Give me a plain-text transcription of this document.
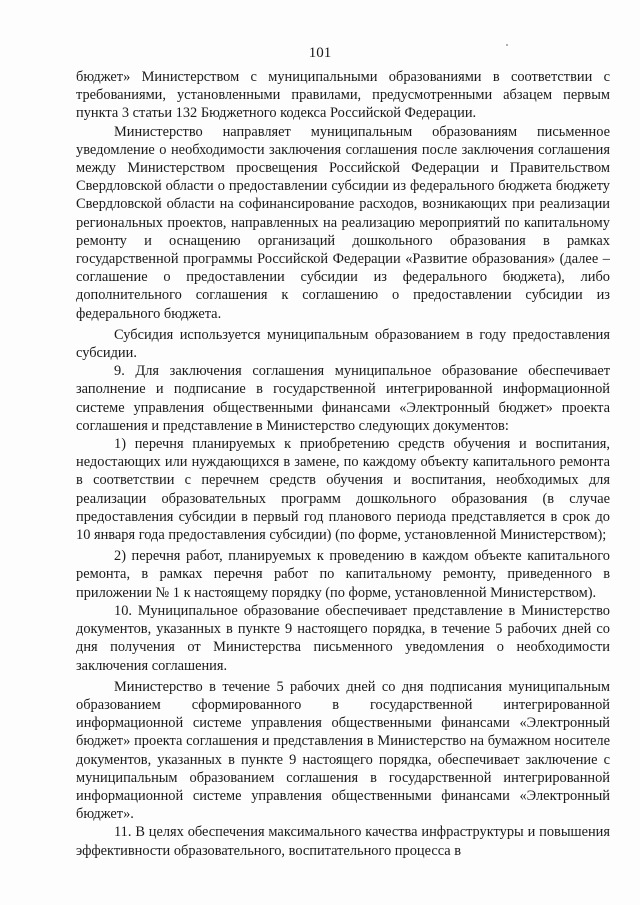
101

бюджет» Министерством с муниципальными образованиями в соответствии с требованиями, установленными правилами, предусмотренными абзацем первым пункта 3 статьи 132 Бюджетного кодекса Российской Федерации.

Министерство направляет муниципальным образованиям письменное уведомление о необходимости заключения соглашения после заключения соглашения между Министерством просвещения Российской Федерации и Правительством Свердловской области о предоставлении субсидии из федерального бюджета бюджету Свердловской области на софинансирование расходов, возникающих при реализации региональных проектов, направленных на реализацию мероприятий по капитальному ремонту и оснащению организаций дошкольного образования в рамках государственной программы Российской Федерации «Развитие образования» (далее – соглашение о предоставлении субсидии из федерального бюджета), либо дополнительного соглашения к соглашению о предоставлении субсидии из федерального бюджета.

Субсидия используется муниципальным образованием в году предоставления субсидии.

9. Для заключения соглашения муниципальное образование обеспечивает заполнение и подписание в государственной интегрированной информационной системе управления общественными финансами «Электронный бюджет» проекта соглашения и представление в Министерство следующих документов:

1) перечня планируемых к приобретению средств обучения и воспитания, недостающих или нуждающихся в замене, по каждому объекту капитального ремонта в соответствии с перечнем средств обучения и воспитания, необходимых для реализации образовательных программ дошкольного образования (в случае предоставления субсидии в первый год планового периода представляется в срок до 10 января года предоставления субсидии) (по форме, установленной Министерством);

2) перечня работ, планируемых к проведению в каждом объекте капитального ремонта, в рамках перечня работ по капитальному ремонту, приведенного в приложении № 1 к настоящему порядку (по форме, установленной Министерством).

10. Муниципальное образование обеспечивает представление в Министерство документов, указанных в пункте 9 настоящего порядка, в течение 5 рабочих дней со дня получения от Министерства письменного уведомления о необходимости заключения соглашения.

Министерство в течение 5 рабочих дней со дня подписания муниципальным образованием сформированного в государственной интегрированной информационной системе управления общественными финансами «Электронный бюджет» проекта соглашения и представления в Министерство на бумажном носителе документов, указанных в пункте 9 настоящего порядка, обеспечивает заключение с муниципальным образованием соглашения в государственной интегрированной информационной системе управления общественными финансами «Электронный бюджет».

11. В целях обеспечения максимального качества инфраструктуры и повышения эффективности образовательного, воспитательного процесса в
